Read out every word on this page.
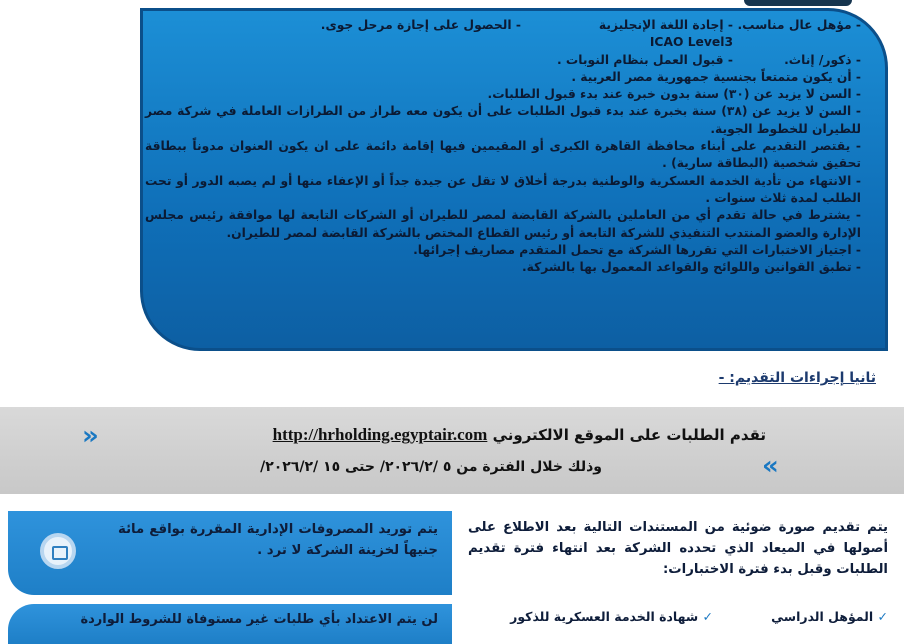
- مؤهل عال مناسب.
- إجادة اللغة الإنجليزية ICAO Level3
- الحصول على إجازة مرحل جوى.
- ذكور/ إناث.
- قبول العمل بنظام النوبات .
- أن يكون متمتعاً بجنسية جمهورية مصر العربية .
- السن لا يزيد عن (٣٠) سنة بدون خبرة عند بدء قبول الطلبات.
- السن لا يزيد عن (٣٨) سنة بخبرة عند بدء قبول الطلبات على أن يكون معه طراز من الطرازات العاملة في شركة مصر للطيران للخطوط الجوية.
- يقتصر التقديم على أبناء محافظة القاهرة الكبرى أو المقيمين فيها إقامة دائمة على ان يكون العنوان مدوناً ببطاقة تحقيق شخصية (البطاقة سارية) .
- الانتهاء من تأدية الخدمة العسكرية والوطنية بدرجة أخلاق لا تقل عن جيدة جداً أو الإعفاء منها أو لم يصبه الدور أو تحت الطلب لمدة ثلاث سنوات .
- يشترط في حالة تقدم أي من العاملين بالشركة القابضة لمصر للطيران أو الشركات التابعة لها موافقة رئيس مجلس الإدارة والعضو المنتدب التنفيذي للشركة التابعة أو رئيس القطاع المختص بالشركة القابضة لمصر للطيران.
- اجتياز الاختبارات التي تقررها الشركة مع تحمل المتقدم مصاريف إجرائها.
- تطبق القوانين واللوائح والقواعد المعمول بها بالشركة.
ثانيا إجراءات التقديم: -
«	تقدم الطلبات على الموقع الالكتروني http://hrholding.egyptair.com
»
وذلك خلال الفترة من ٥ /٢٠٢٦/٢/ حتى ١٥ /٢٠٢٦/٢/
يتم تقديم صورة ضوئية من المستندات التالية بعد الاطلاع على أصولها في الميعاد الذي تحدده الشركة بعد انتهاء فترة تقديم الطلبات وقبل بدء فترة الاختبارات:
✓ المؤهل الدراسي
✓ شهادة الخدمة العسكرية للذكور
يتم توريد المصروفات الإدارية المقررة بواقع مائة جنيهاً لخزينة الشركة لا ترد .
لن يتم الاعتداد بأي طلبات غير مستوفاة للشروط الواردة
